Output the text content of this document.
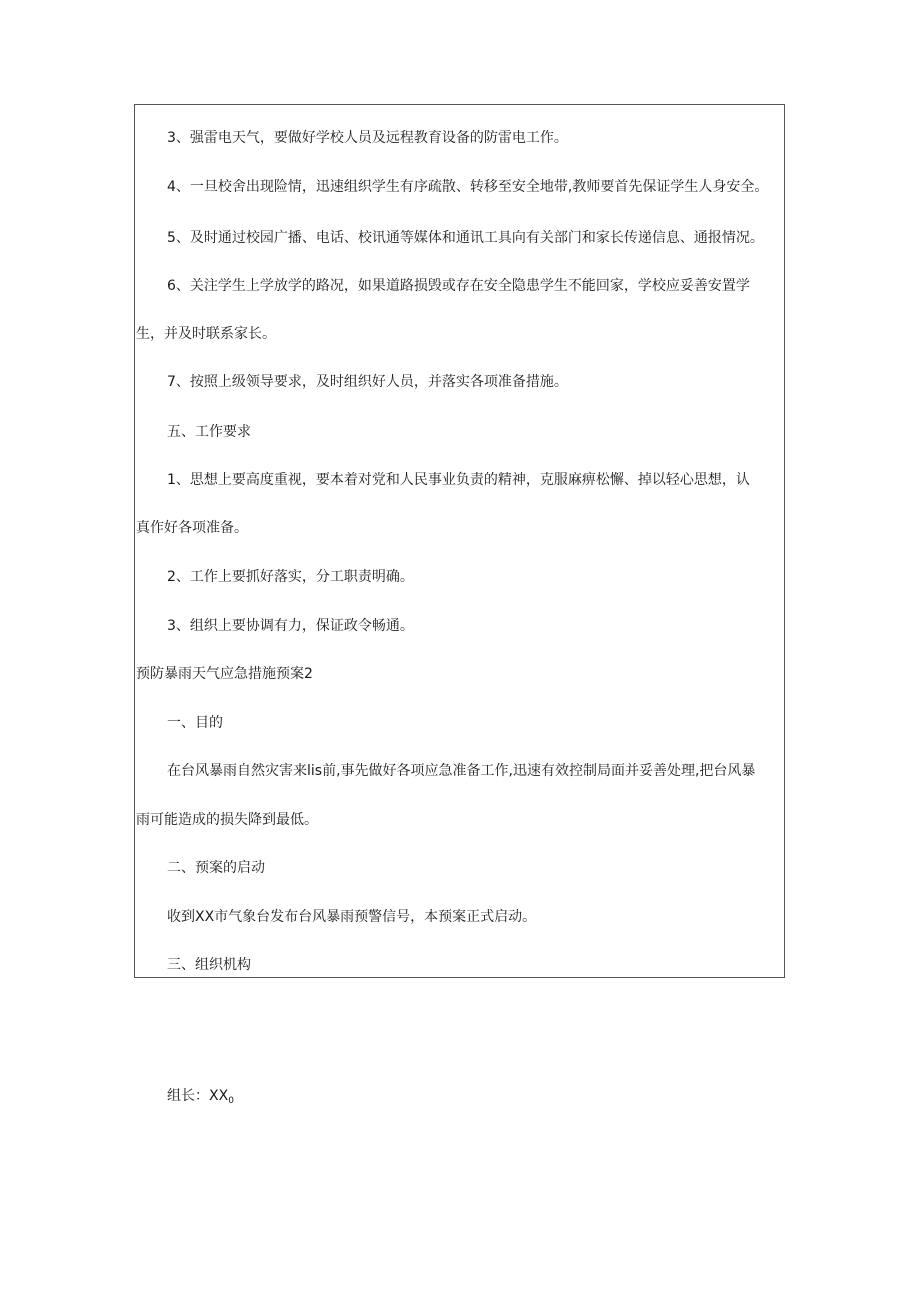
3、强雷电天气，要做好学校人员及远程教育设备的防雷电工作。
4、一旦校舍出现险情，迅速组织学生有序疏散、转移至安全地带,教师要首先保证学生人身安全。
5、及时通过校园广播、电话、校讯通等媒体和通讯工具向有关部门和家长传递信息、通报情况。
6、关注学生上学放学的路况，如果道路损毁或存在安全隐患学生不能回家，学校应妥善安置学
生，并及时联系家长。
7、按照上级领导要求，及时组织好人员，并落实各项准备措施。
五、工作要求
1、思想上要高度重视，要本着对党和人民事业负责的精神，克服麻痹松懈、掉以轻心思想，认
真作好各项准备。
2、工作上要抓好落实，分工职责明确。
3、组织上要协调有力，保证政令畅通。
预防暴雨天气应急措施预案2
一、目的
在台风暴雨自然灾害来lis前,事先做好各项应急准备工作,迅速有效控制局面并妥善处理,把台风暴
雨可能造成的损失降到最低。
二、预案的启动
收到XX市气象台发布台风暴雨预警信号，本预案正式启动。
三、组织机构
组长：$XX_0$
